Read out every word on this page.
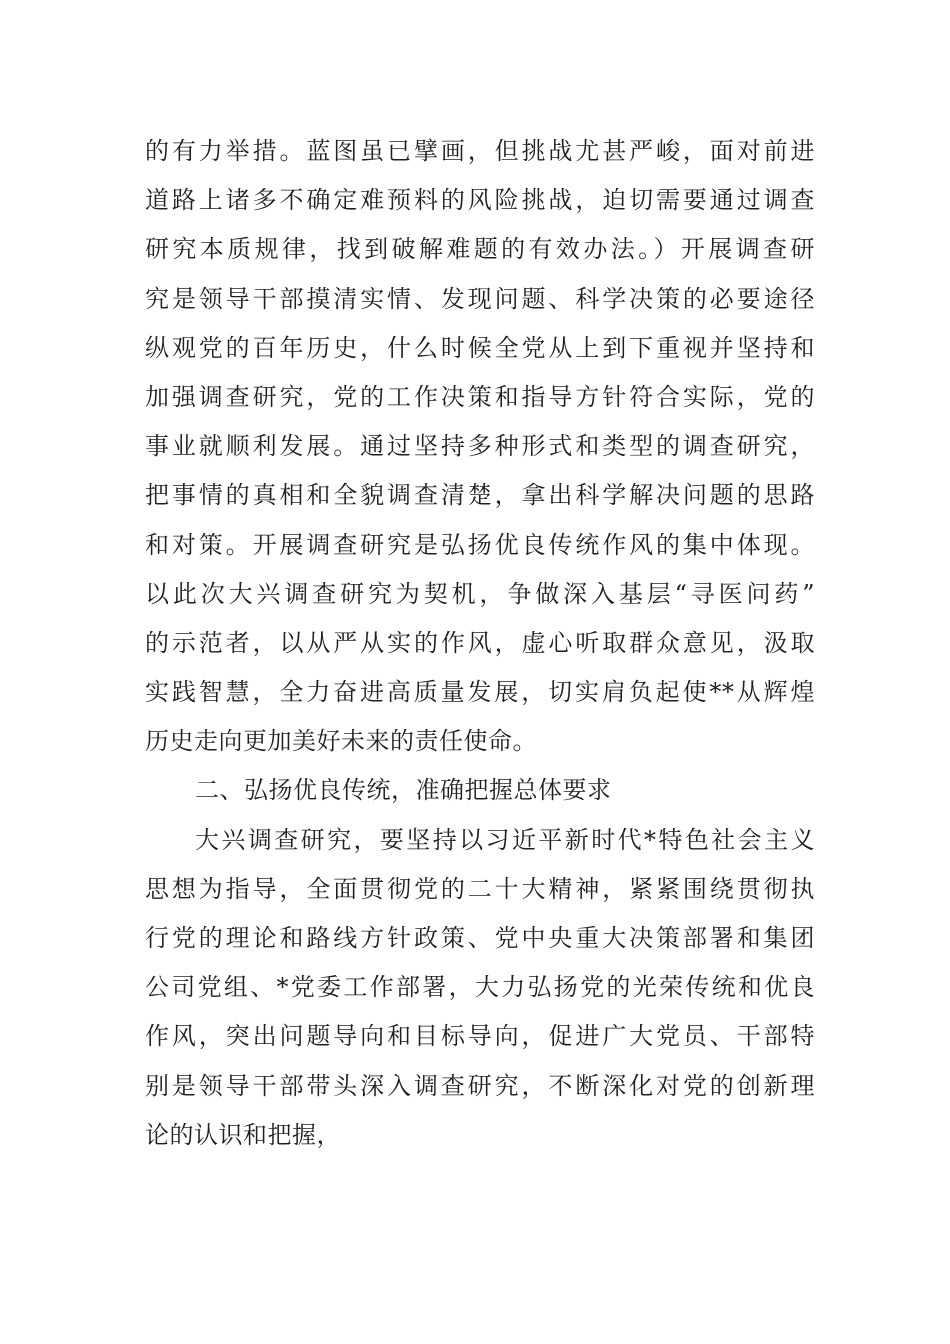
的有力举措。蓝图虽已擘画，但挑战尤甚严峻，面对前进
道路上诸多不确定难预料的风险挑战，迫切需要通过调查
研究本质规律，找到破解难题的有效办法。）开展调查研
究是领导干部摸清实情、发现问题、科学决策的必要途径
纵观党的百年历史，什么时候全党从上到下重视并坚持和
加强调查研究，党的工作决策和指导方针符合实际，党的
事业就顺利发展。通过坚持多种形式和类型的调查研究，
把事情的真相和全貌调查清楚，拿出科学解决问题的思路
和对策。开展调查研究是弘扬优良传统作风的集中体现。
以此次大兴调查研究为契机，争做深入基层“寻医问药”
的示范者，以从严从实的作风，虚心听取群众意见，汲取
实践智慧，全力奋进高质量发展，切实肩负起使**从辉煌
历史走向更加美好未来的责任使命。
二、弘扬优良传统，准确把握总体要求
大兴调查研究，要坚持以习近平新时代*特色社会主义
思想为指导，全面贯彻党的二十大精神，紧紧围绕贯彻执
行党的理论和路线方针政策、党中央重大决策部署和集团
公司党组、*党委工作部署，大力弘扬党的光荣传统和优良
作风，突出问题导向和目标导向，促进广大党员、干部特
别是领导干部带头深入调查研究，不断深化对党的创新理
论的认识和把握，
